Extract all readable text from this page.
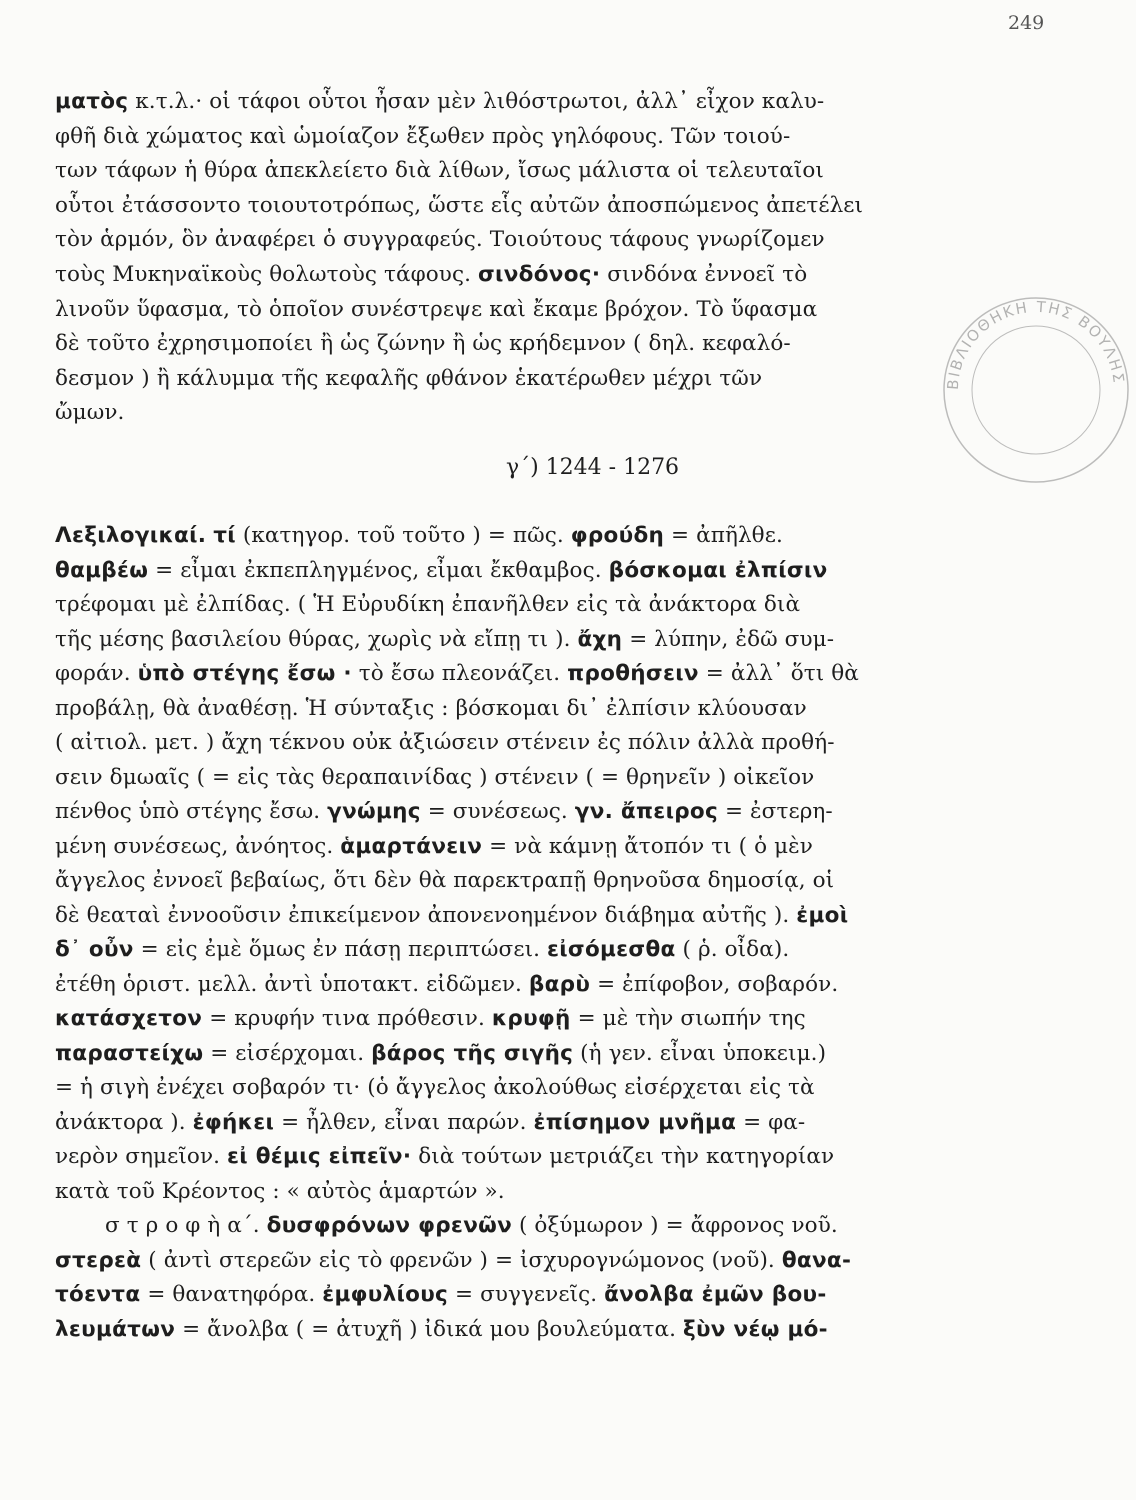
249
ματὸς κ.τ.λ.· οἱ τάφοι οὗτοι ἦσαν μὲν λιθόστρωτοι, ἀλλ᾽ εἶχον καλυ-
φθῆ διὰ χώματος καὶ ὡμοίαζον ἔξωθεν πρὸς γηλόφους. Τῶν τοιού-
των τάφων ἡ θύρα ἀπεκλείετο διὰ λίθων, ἴσως μάλιστα οἱ τελευταῖοι
οὗτοι ἐτάσσοντο τοιουτοτρόπως, ὥστε εἷς αὐτῶν ἀποσπώμενος ἀπετέλει
τὸν ἁρμόν, ὃν ἀναφέρει ὁ συγγραφεύς. Τοιούτους τάφους γνωρίζομεν
τοὺς Μυκηναϊκοὺς θολωτοὺς τάφους. σινδόνος· σινδόνα ἐννοεῖ τὸ
λινοῦν ὕφασμα, τὸ ὁποῖον συνέστρεψε καὶ ἔκαμε βρόχον. Τὸ ὕφασμα
δὲ τοῦτο ἐχρησιμοποίει ἢ ὡς ζώνην ἢ ὡς κρήδεμνον ( δηλ. κεφαλό-
δεσμον ) ἢ κάλυμμα τῆς κεφαλῆς φθάνον ἑκατέρωθεν μέχρι τῶν
ὤμων.
Λεξιλογικαί. τί (κατηγορ. τοῦ τοῦτο ) = πῶς. φρούδη = ἀπῆλθε.
θαμβέω = εἶμαι ἐκπεπληγμένος, εἶμαι ἔκθαμβος. βόσκομαι ἐλπίσιν
τρέφομαι μὲ ἐλπίδας. ( Ἡ Εὐρυδίκη ἐπανῆλθεν εἰς τὰ ἀνάκτορα διὰ
τῆς μέσης βασιλείου θύρας, χωρὶς νὰ εἴπῃ τι ). ἄχη = λύπην, ἐδῶ συμ-
φοράν. ὑπὸ στέγης ἔσω · τὸ ἔσω πλεονάζει. προθήσειν = ἀλλ᾽ ὅτι θὰ
προβάλῃ, θὰ ἀναθέσῃ. Ἡ σύνταξις : βόσκομαι δι᾽ ἐλπίσιν κλύουσαν
( αἰτιολ. μετ. ) ἄχη τέκνου οὐκ ἀξιώσειν στένειν ἐς πόλιν ἀλλὰ προθή-
σειν δμωαῖς ( = εἰς τὰς θεραπαινίδας ) στένειν ( = θρηνεῖν ) οἰκεῖον
πένθος ὑπὸ στέγης ἔσω. γνώμης = συνέσεως. γν. ἄπειρος = ἐστερη-
μένη συνέσεως, ἀνόητος. ἁμαρτάνειν = νὰ κάμνῃ ἄτοπόν τι ( ὁ μὲν
ἄγγελος ἐννοεῖ βεβαίως, ὅτι δὲν θὰ παρεκτραπῇ θρηνοῦσα δημοσίᾳ, οἱ
δὲ θεαταὶ ἐννοοῦσιν ἐπικείμενον ἀπονενοημένον διάβημα αὐτῆς ). ἐμοὶ
δ᾽ οὖν = εἰς ἐμὲ ὅμως ἐν πάσῃ περιπτώσει. εἰσόμεσθα ( ῥ. οἶδα).
ἐτέθη ὁριστ. μελλ. ἀντὶ ὑποτακτ. εἰδῶμεν. βαρὺ = ἐπίφοβον, σοβαρόν.
κατάσχετον = κρυφήν τινα πρόθεσιν. κρυφῇ = μὲ τὴν σιωπήν της
παραστείχω = εἰσέρχομαι. βάρος τῆς σιγῆς (ἡ γεν. εἶναι ὑποκειμ.)
= ἡ σιγὴ ἐνέχει σοβαρόν τι· (ὁ ἄγγελος ἀκολούθως εἰσέρχεται εἰς τὰ
ἀνάκτορα ). ἐφήκει = ἦλθεν, εἶναι παρών. ἐπίσημον μνῆμα = φα-
νερὸν σημεῖον. εἰ θέμις εἰπεῖν· διὰ τούτων μετριάζει τὴν κατηγορίαν
κατὰ τοῦ Κρέοντος : « αὐτὸς ἁμαρτών ».
σ τ ρ ο φ ὴ α΄. δυσφρόνων φρενῶν ( ὀξύμωρον ) = ἄφρονος νοῦ.
στερεὰ ( ἀντὶ στερεῶν εἰς τὸ φρενῶν ) = ἰσχυρογνώμονος (νοῦ). θανα-
τόεντα = θανατηφόρα. ἐμφυλίους = συγγενεῖς. ἄνολβα ἐμῶν βου-
λευμάτων = ἄνολβα ( = ἀτυχῆ ) ἰδικά μου βουλεύματα. ξὺν νέῳ μό-
γ΄) 1244 - 1276
ΒΙΒΛΙΟΘΗΚΗ ΤΗΣ ΒΟΥΛΗΣ
